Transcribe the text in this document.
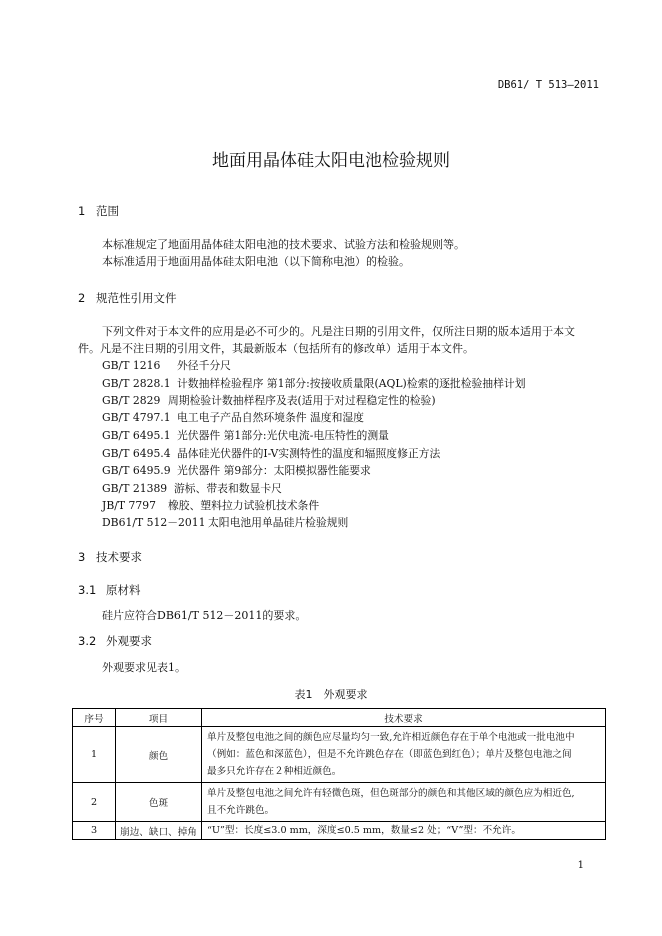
DB61/ T 513—2011
地面用晶体硅太阳电池检验规则
1 范围
本标准规定了地面用晶体硅太阳电池的技术要求、试验方法和检验规则等。
本标准适用于地面用晶体硅太阳电池（以下简称电池）的检验。
2 规范性引用文件
下列文件对于本文件的应用是必不可少的。凡是注日期的引用文件，仅所注日期的版本适用于本文
件。凡是不注日期的引用文件，其最新版本（包括所有的修改单）适用于本文件。
GB/T 1216 外径千分尺
GB/T 2828.1 计数抽样检验程序 第1部分:按接收质量限(AQL)检索的逐批检验抽样计划
GB/T 2829 周期检验计数抽样程序及表(适用于对过程稳定性的检验)
GB/T 4797.1 电工电子产品自然环境条件 温度和湿度
GB/T 6495.1 光伏器件 第1部分:光伏电流-电压特性的测量
GB/T 6495.4 晶体硅光伏器件的I-V实测特性的温度和辐照度修正方法
GB/T 6495.9 光伏器件 第9部分：太阳模拟器性能要求
GB/T 21389 游标、带表和数显卡尺
JB/T 7797 橡胶、塑料拉力试验机技术条件
DB61/T 512－2011 太阳电池用单晶硅片检验规则
3 技术要求
3.1 原材料
硅片应符合DB61/T 512－2011的要求。
3.2 外观要求
外观要求见表1。
表1　外观要求
序号	项目	技术要求
1	颜色	单片及整包电池之间的颜色应尽量均匀一致,允许相近颜色存在于单个电池或一批电池中
（例如：蓝色和深蓝色），但是不允许跳色存在（即蓝色到红色）；单片及整包电池之间
最多只允许存在２种相近颜色。

2	色斑	单片及整包电池之间允许有轻微色斑，但色斑部分的颜色和其他区域的颜色应为相近色,
且不允许跳色。

3	崩边、缺口、掉角	“U”型：长度≤3.0 mm，深度≤0.5 mm，数量≤2 处；“V”型：不允许。
1
